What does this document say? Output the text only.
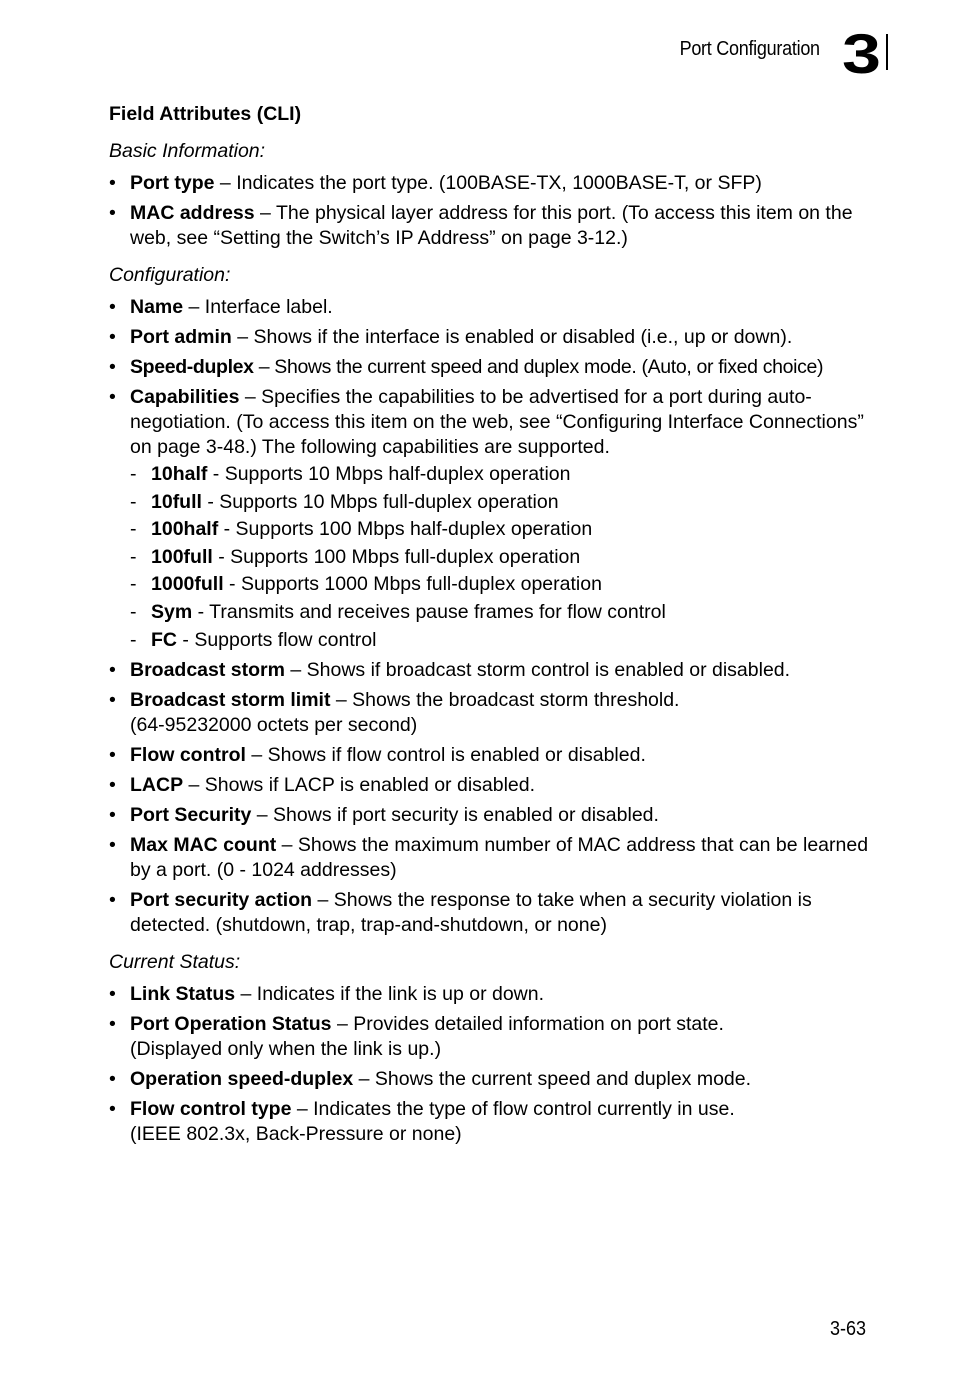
Port Configuration 3
Field Attributes (CLI)
Basic Information:
• Port type – Indicates the port type. (100BASE-TX, 1000BASE-T, or SFP)
• MAC address – The physical layer address for this port. (To access this item on the web, see “Setting the Switch’s IP Address” on page 3-12.)
Configuration:
• Name – Interface label.
• Port admin – Shows if the interface is enabled or disabled (i.e., up or down).
• Speed-duplex – Shows the current speed and duplex mode. (Auto, or fixed choice)
• Capabilities – Specifies the capabilities to be advertised for a port during auto-negotiation. (To access this item on the web, see “Configuring Interface Connections” on page 3-48.) The following capabilities are supported.
- 10half - Supports 10 Mbps half-duplex operation
- 10full - Supports 10 Mbps full-duplex operation
- 100half - Supports 100 Mbps half-duplex operation
- 100full - Supports 100 Mbps full-duplex operation
- 1000full - Supports 1000 Mbps full-duplex operation
- Sym - Transmits and receives pause frames for flow control
- FC - Supports flow control
• Broadcast storm – Shows if broadcast storm control is enabled or disabled.
• Broadcast storm limit – Shows the broadcast storm threshold.
(64-95232000 octets per second)
• Flow control – Shows if flow control is enabled or disabled.
• LACP – Shows if LACP is enabled or disabled.
• Port Security – Shows if port security is enabled or disabled.
• Max MAC count – Shows the maximum number of MAC address that can be learned by a port. (0 - 1024 addresses)
• Port security action – Shows the response to take when a security violation is detected. (shutdown, trap, trap-and-shutdown, or none)
Current Status:
• Link Status – Indicates if the link is up or down.
• Port Operation Status – Provides detailed information on port state.
(Displayed only when the link is up.)
• Operation speed-duplex – Shows the current speed and duplex mode.
• Flow control type – Indicates the type of flow control currently in use.
(IEEE 802.3x, Back-Pressure or none)
3-63
